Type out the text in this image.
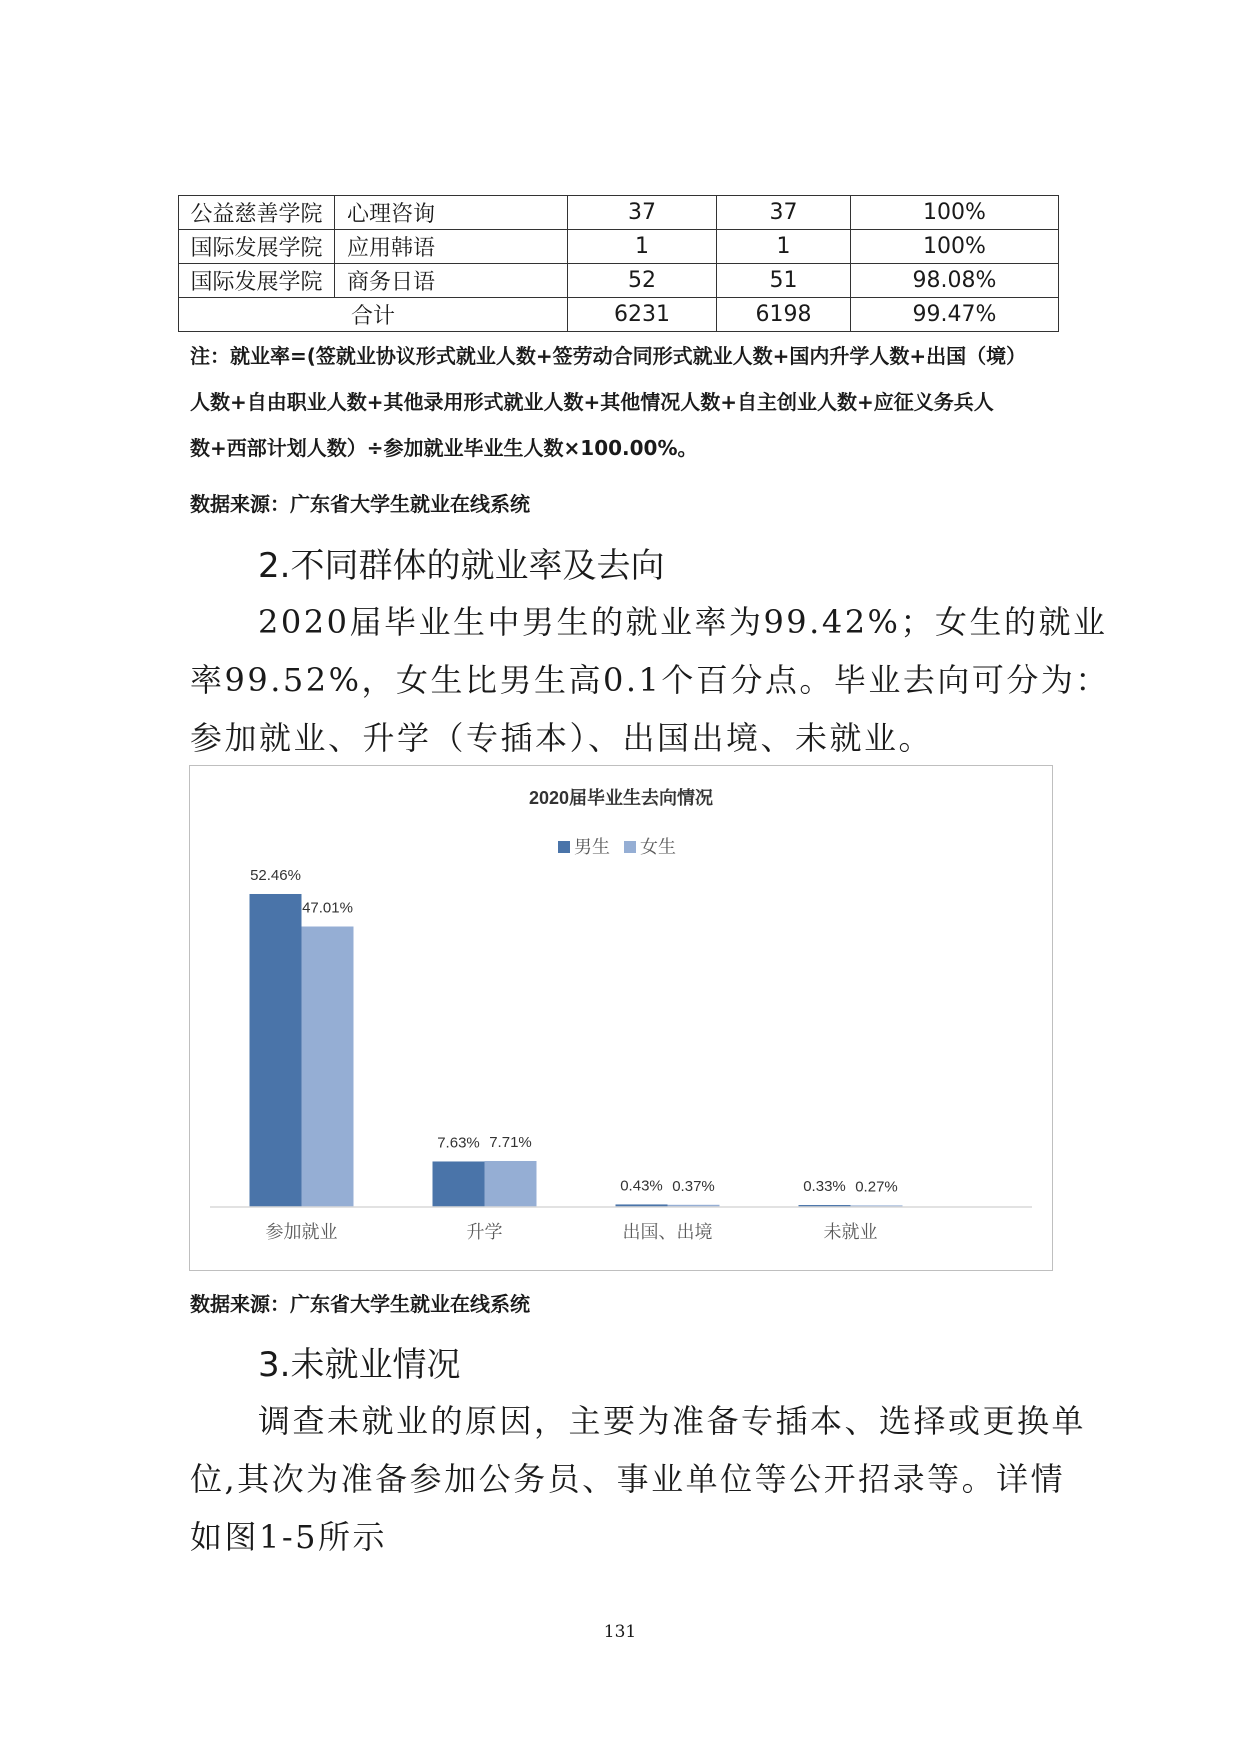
公益慈善学院	心理咨询	37	37	100%
国际发展学院	应用韩语	1	1	100%
国际发展学院	商务日语	52	51	98.08%
合计		6231	6198	99.47%
注：就业率=(签就业协议形式就业人数+签劳动合同形式就业人数+国内升学人数+出国（境）
人数+自由职业人数+其他录用形式就业人数+其他情况人数+自主创业人数+应征义务兵人
数+西部计划人数）÷参加就业毕业生人数×100.00%。
数据来源：广东省大学生就业在线系统
2.不同群体的就业率及去向
2020届毕业生中男生的就业率为99.42%；女生的就业
率99.52%，女生比男生高0.1个百分点。毕业去向可分为：
参加就业、升学（专插本）、出国出境、未就业。
2020届毕业生去向情况
男生 女生
52.46%
47.01%
7.63% 7.71%
0.43% 0.37%	0.33% 0.27%
参加就业	升学	出国、出境	未就业
数据来源：广东省大学生就业在线系统
3.未就业情况
调查未就业的原因，主要为准备专插本、选择或更换单
位,其次为准备参加公务员、事业单位等公开招录等。详情
如图1-5所示
131
